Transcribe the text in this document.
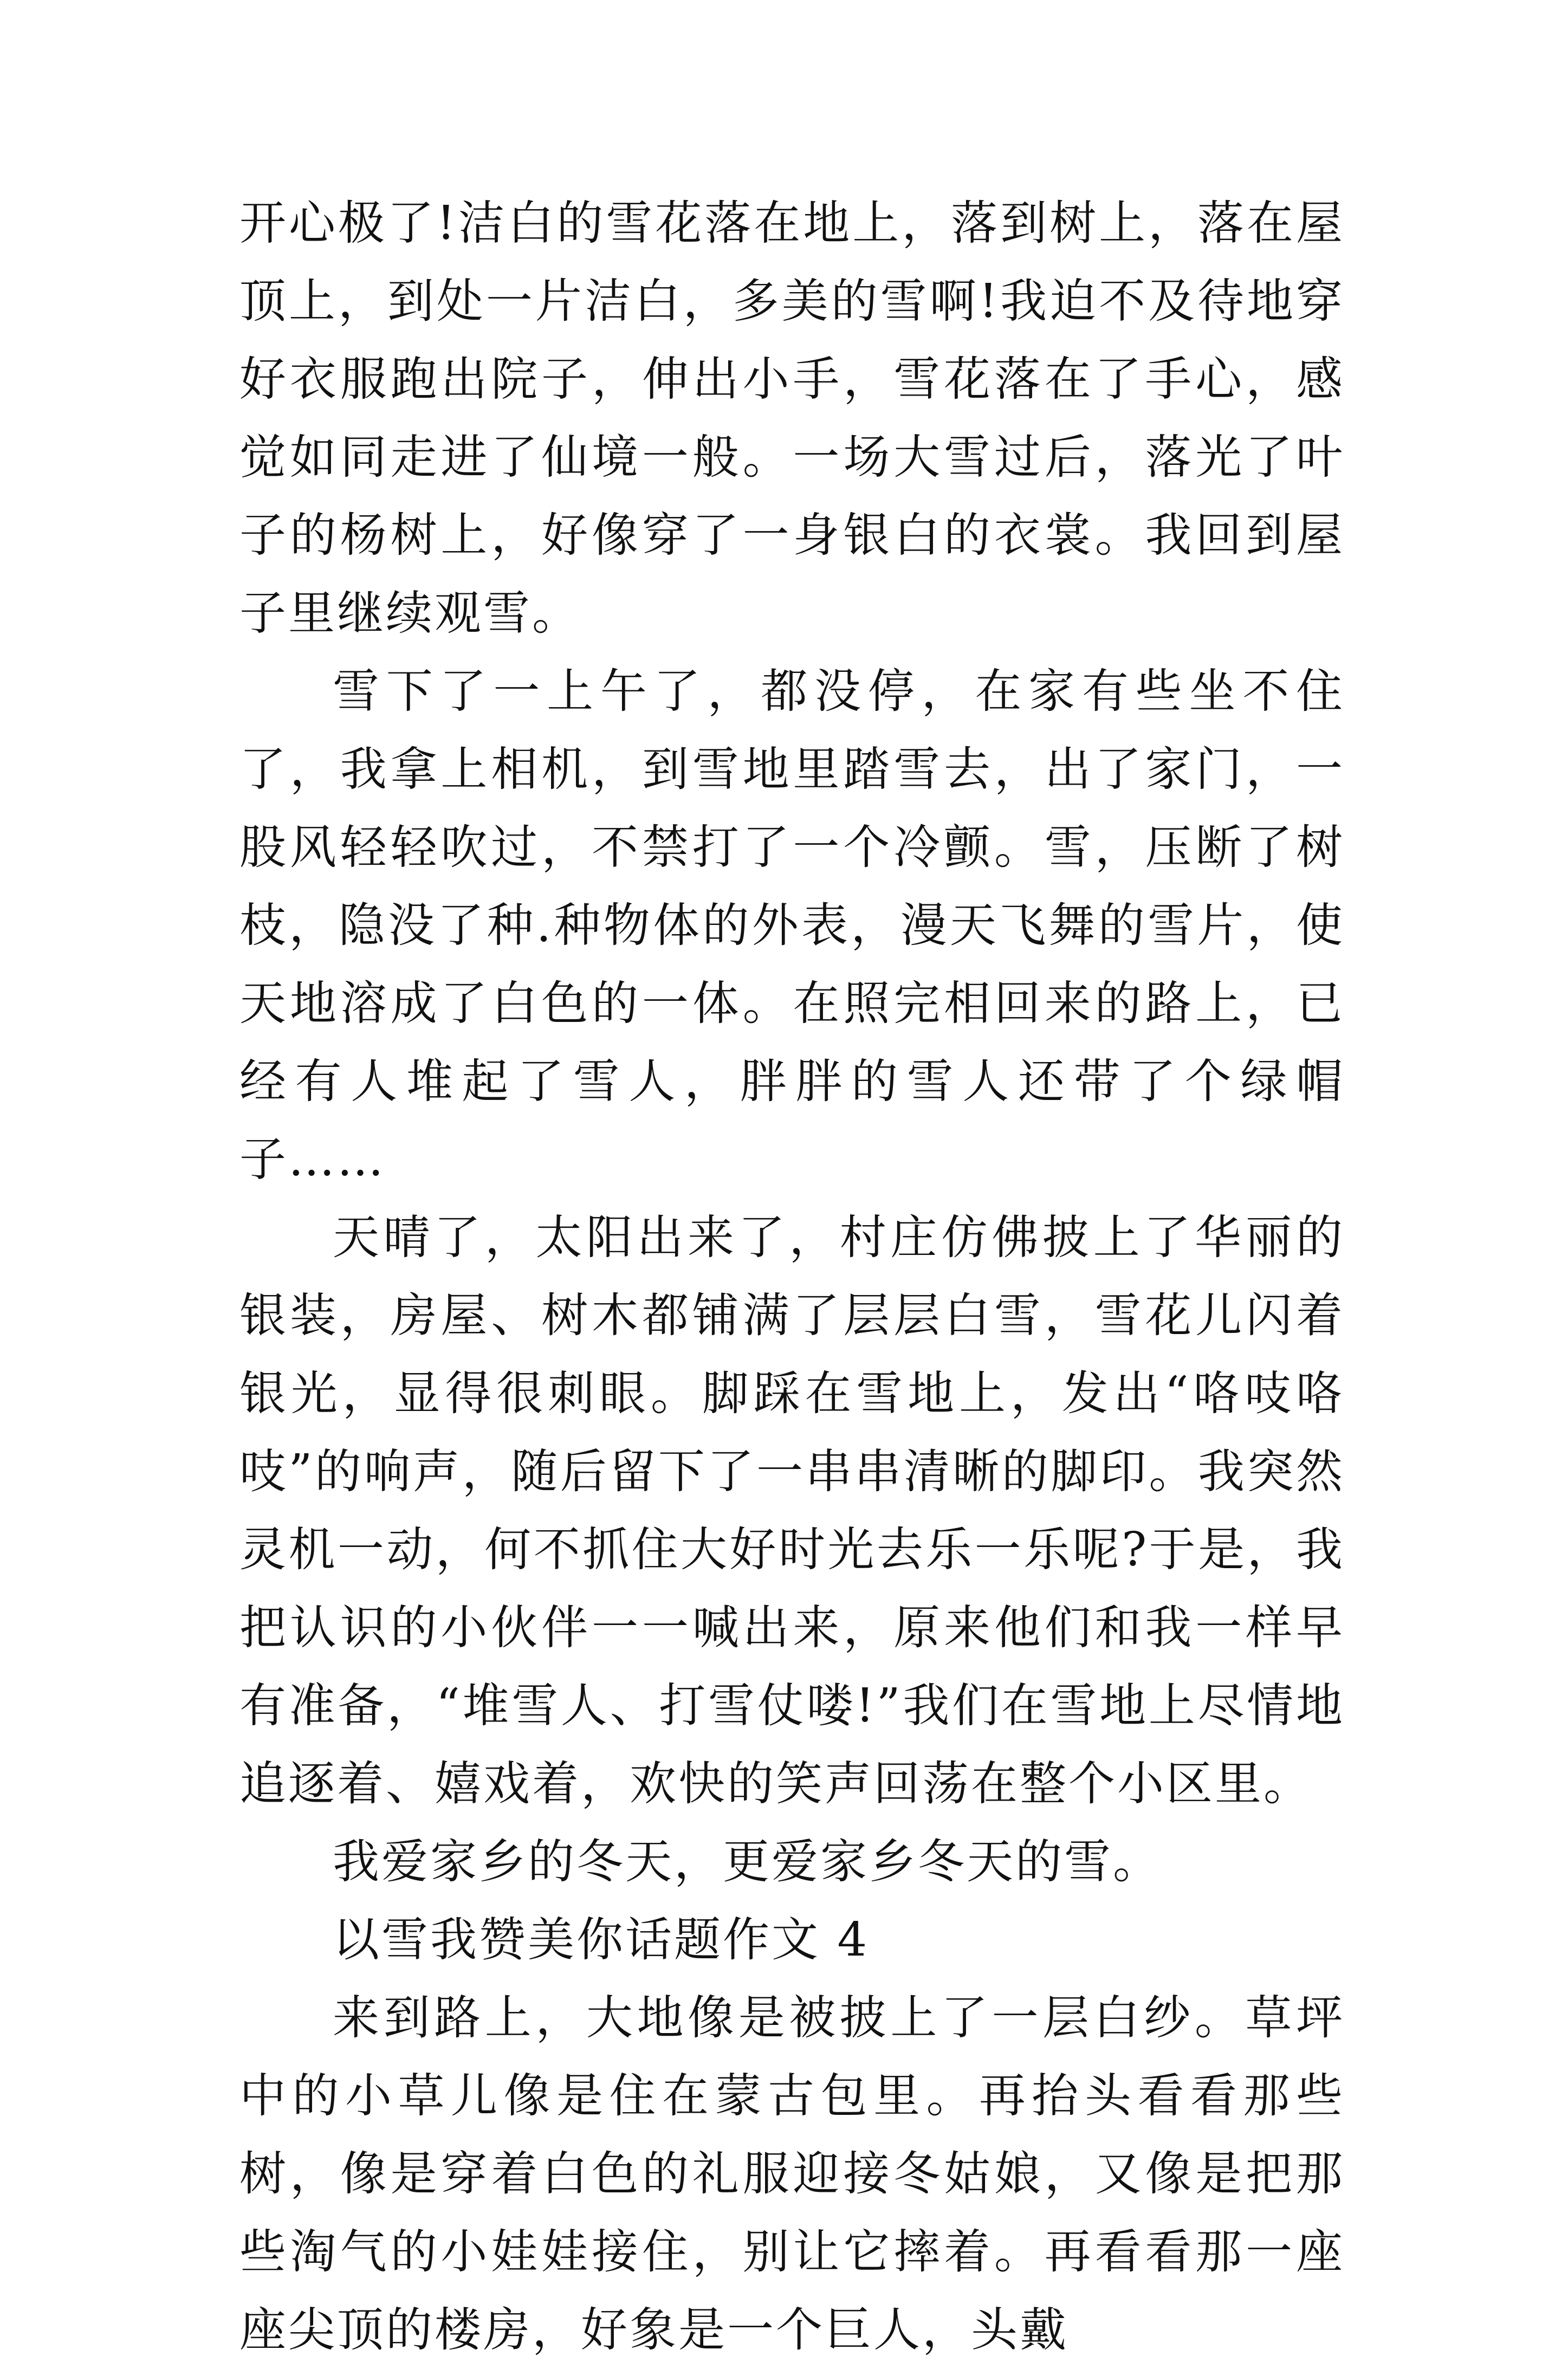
开心极了!洁白的雪花落在地上，落到树上，落在屋顶上，到处一片洁白，多美的雪啊!我迫不及待地穿好衣服跑出院子，伸出小手，雪花落在了手心，感觉如同走进了仙境一般。一场大雪过后，落光了叶子的杨树上，好像穿了一身银白的衣裳。我回到屋子里继续观雪。

雪下了一上午了，都没停，在家有些坐不住了，我拿上相机，到雪地里踏雪去，出了家门，一股风轻轻吹过，不禁打了一个冷颤。雪，压断了树枝，隐没了种.种物体的外表，漫天飞舞的雪片，使天地溶成了白色的一体。在照完相回来的路上，已经有人堆起了雪人，胖胖的雪人还带了个绿帽子……

天晴了，太阳出来了，村庄仿佛披上了华丽的银装，房屋、树木都铺满了层层白雪，雪花儿闪着银光，显得很刺眼。脚踩在雪地上，发出“咯吱咯吱”的响声，随后留下了一串串清晰的脚印。我突然灵机一动，何不抓住大好时光去乐一乐呢?于是，我把认识的小伙伴一一喊出来，原来他们和我一样早有准备，“堆雪人、打雪仗喽!”我们在雪地上尽情地追逐着、嬉戏着，欢快的笑声回荡在整个小区里。

我爱家乡的冬天，更爱家乡冬天的雪。

以雪我赞美你话题作文 4

来到路上，大地像是被披上了一层白纱。草坪中的小草儿像是住在蒙古包里。再抬头看看那些树，像是穿着白色的礼服迎接冬姑娘，又像是把那些淘气的小娃娃接住，别让它摔着。再看看那一座座尖顶的楼房，好象是一个巨人，头戴
